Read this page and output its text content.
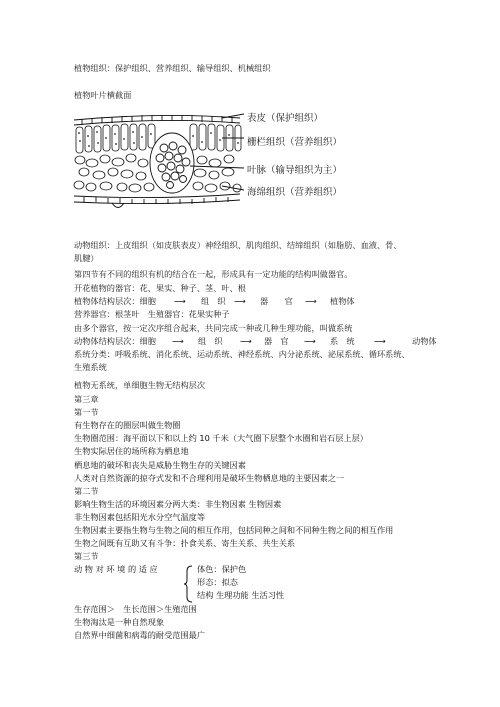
植物组织：保护组织、营养组织、输导组织、机械组织
植物叶片横截面
表皮（保护组织）
栅栏组织（营养组织）
叶脉（输导组织为主）
海绵组织（营养组织）
动物组织：上皮组织（如皮肤表皮）神经组织、肌肉组织、结缔组织（如脂肪、血液、骨、
肌腱）
第四节有不同的组织有机的结合在一起，形成具有一定功能的结构叫做器官。
开花植物的器官：花、果实、种子、茎、叶、根
植物体结构层次：细胞 ⟶ 组　织 ⟶ 器　　官 ⟶ 植物体
营养器官：根茎叶　生殖器官：花果实种子
由多个器官，按一定次序组合起来，共同完成一种或几种生理功能，叫做系统
动物体结构层次：细胞 ⟶ 组　织 ⟶ 器　官 ⟶ 系　统 ⟶	动物体
系统分类：呼吸系统、消化系统、运动系统、神经系统、内分泌系统、泌尿系统、循环系统、
生殖系统
植物无系统，单细胞生物无结构层次
第三章
第一节
有生物存在的圈层叫做生物圈
生物圈范围：海平面以下和以上约 10 千米（大气圈下层整个水圈和岩石层上层）
生物实际居住的场所称为栖息地
栖息地的破坏和丧失是威胁生物生存的关键因素
人类对自然资源的掠夺式发和不合理利用是破坏生物栖息地的主要因素之一
第二节
影响生物生活的环境因素分两大类：非生物因素 生物因素
非生物因素包括阳光水分空气温度等
生物因素主要指生物与生物之间的相互作用，包括同种之间和不同种生物之间的相互作用
生物之间既有互助又有斗争：扑食关系、寄生关系、共生关系
第三节
动 物 对 环 境 的 适 应	体色：保护色
形态：拟态
结构 生理功能 生活习性
生存范围＞　生长范围＞生殖范围
生物淘汰是一种自然现象
自然界中细菌和病毒的耐受范围最广
